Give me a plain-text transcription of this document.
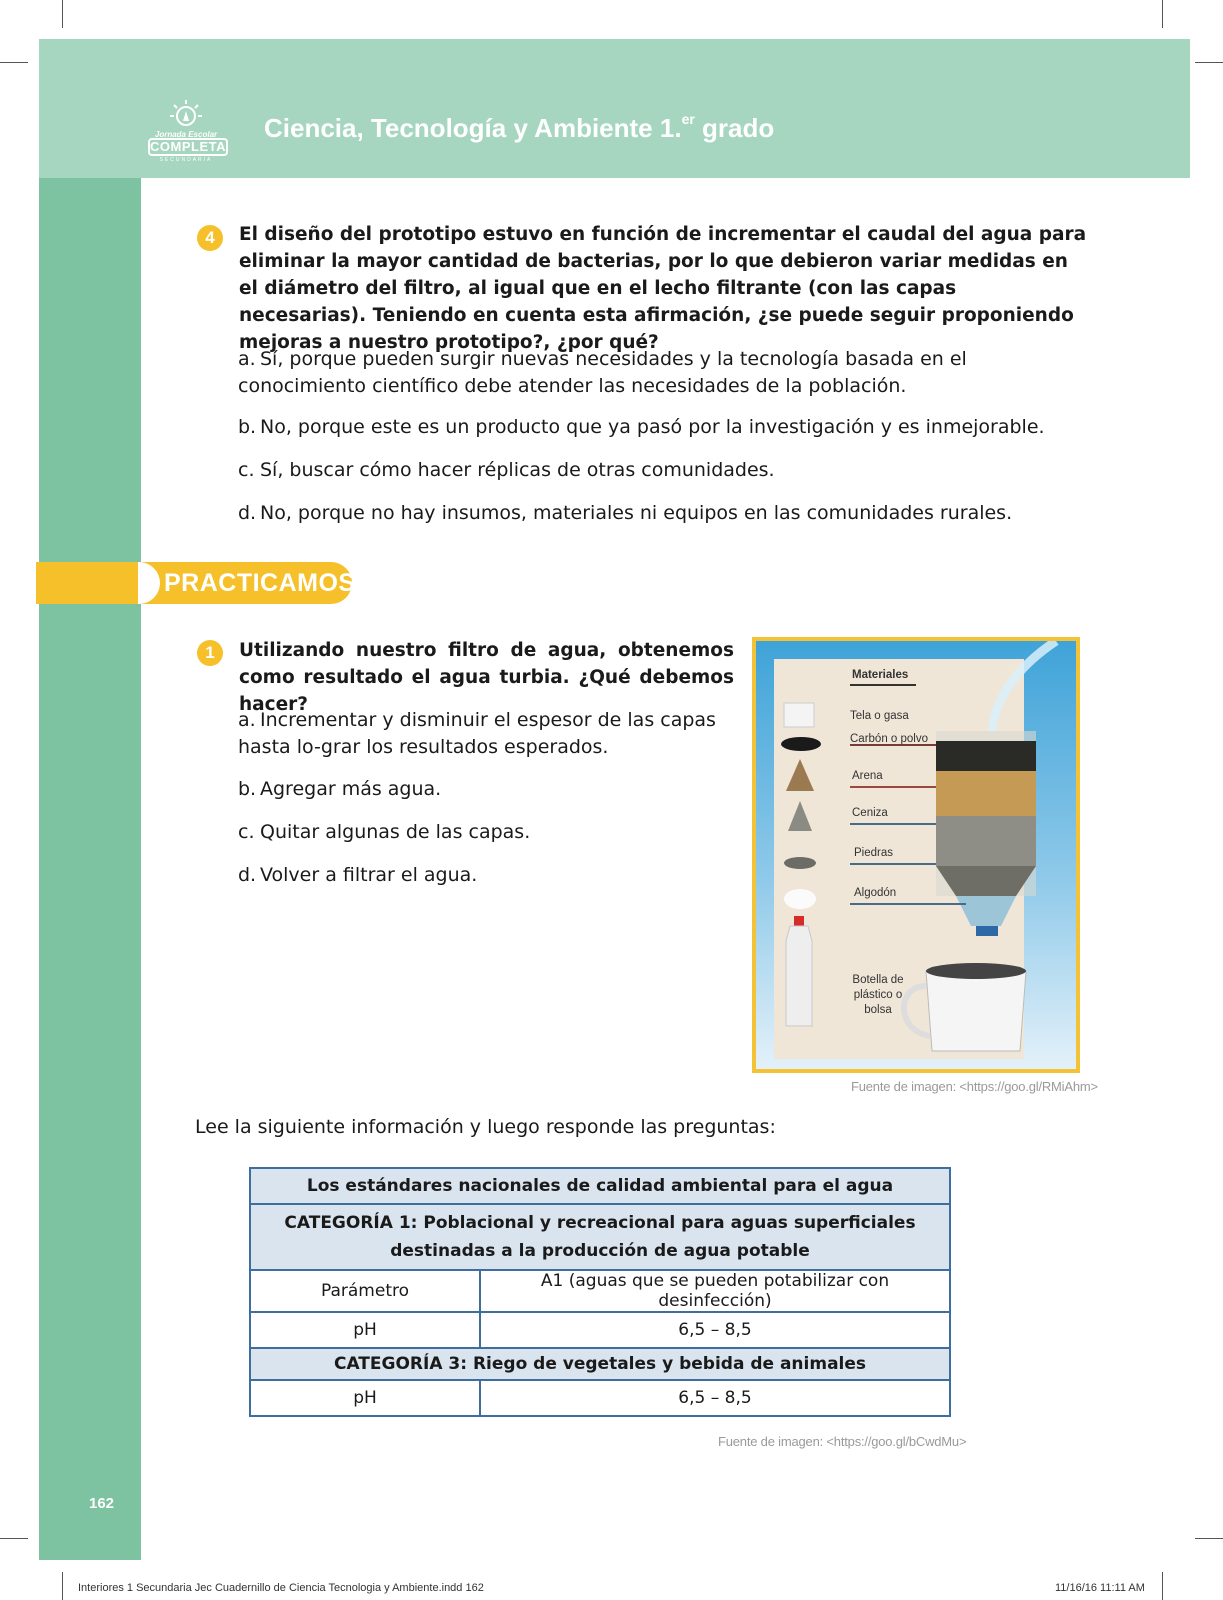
Jornada Escolar
COMPLETA
SECUNDARIA
Ciencia, Tecnología y Ambiente 1.$^{er}$ grado
4	El diseño del prototipo estuvo en función de incrementar el caudal del agua para eliminar la mayor cantidad de bacterias, por lo que debieron variar medidas en el diámetro del filtro, al igual que en el lecho filtrante (con las capas necesarias). Teniendo en cuenta esta afirmación, ¿se puede seguir proponiendo mejoras a nuestro prototipo?, ¿por qué?
a. Sí, porque pueden surgir nuevas necesidades y la tecnología basada en el conocimiento científico debe atender las necesidades de la población.
b. No, porque este es un producto que ya pasó por la investigación y es inmejorable.
c. Sí, buscar cómo hacer réplicas de otras comunidades.
d. No, porque no hay insumos, materiales ni equipos en las comunidades rurales.
PRACTICAMOS
1	Utilizando nuestro filtro de agua, obtenemos como resultado el agua turbia. ¿Qué debemos hacer?
a. Incrementar y disminuir el espesor de las capas hasta lo-grar los resultados esperados.
b. Agregar más agua.
c. Quitar algunas de las capas.
d. Volver a filtrar el agua.
Materiales
Tela o gasa
Carbón o polvo
Arena
Ceniza
Piedras
Algodón
Botella de
plástico o
bolsa
Fuente de imagen: <https://goo.gl/RMiAhm>
Lee la siguiente información y luego responde las preguntas:
Los estándares nacionales de calidad ambiental para el agua	
CATEGORÍA 1: Poblacional y recreacional para aguas superficiales destinadas a la producción de agua potable	
Parámetro	A1 (aguas que se pueden potabilizar con desinfección)
pH	6,5 – 8,5
CATEGORÍA 3: Riego de vegetales y bebida de animales	
pH	6,5 – 8,5
Fuente de imagen: <https://goo.gl/bCwdMu>
162
Interiores 1 Secundaria Jec Cuadernillo de Ciencia Tecnologia y Ambiente.indd 162	11/16/16 11:11 AM
